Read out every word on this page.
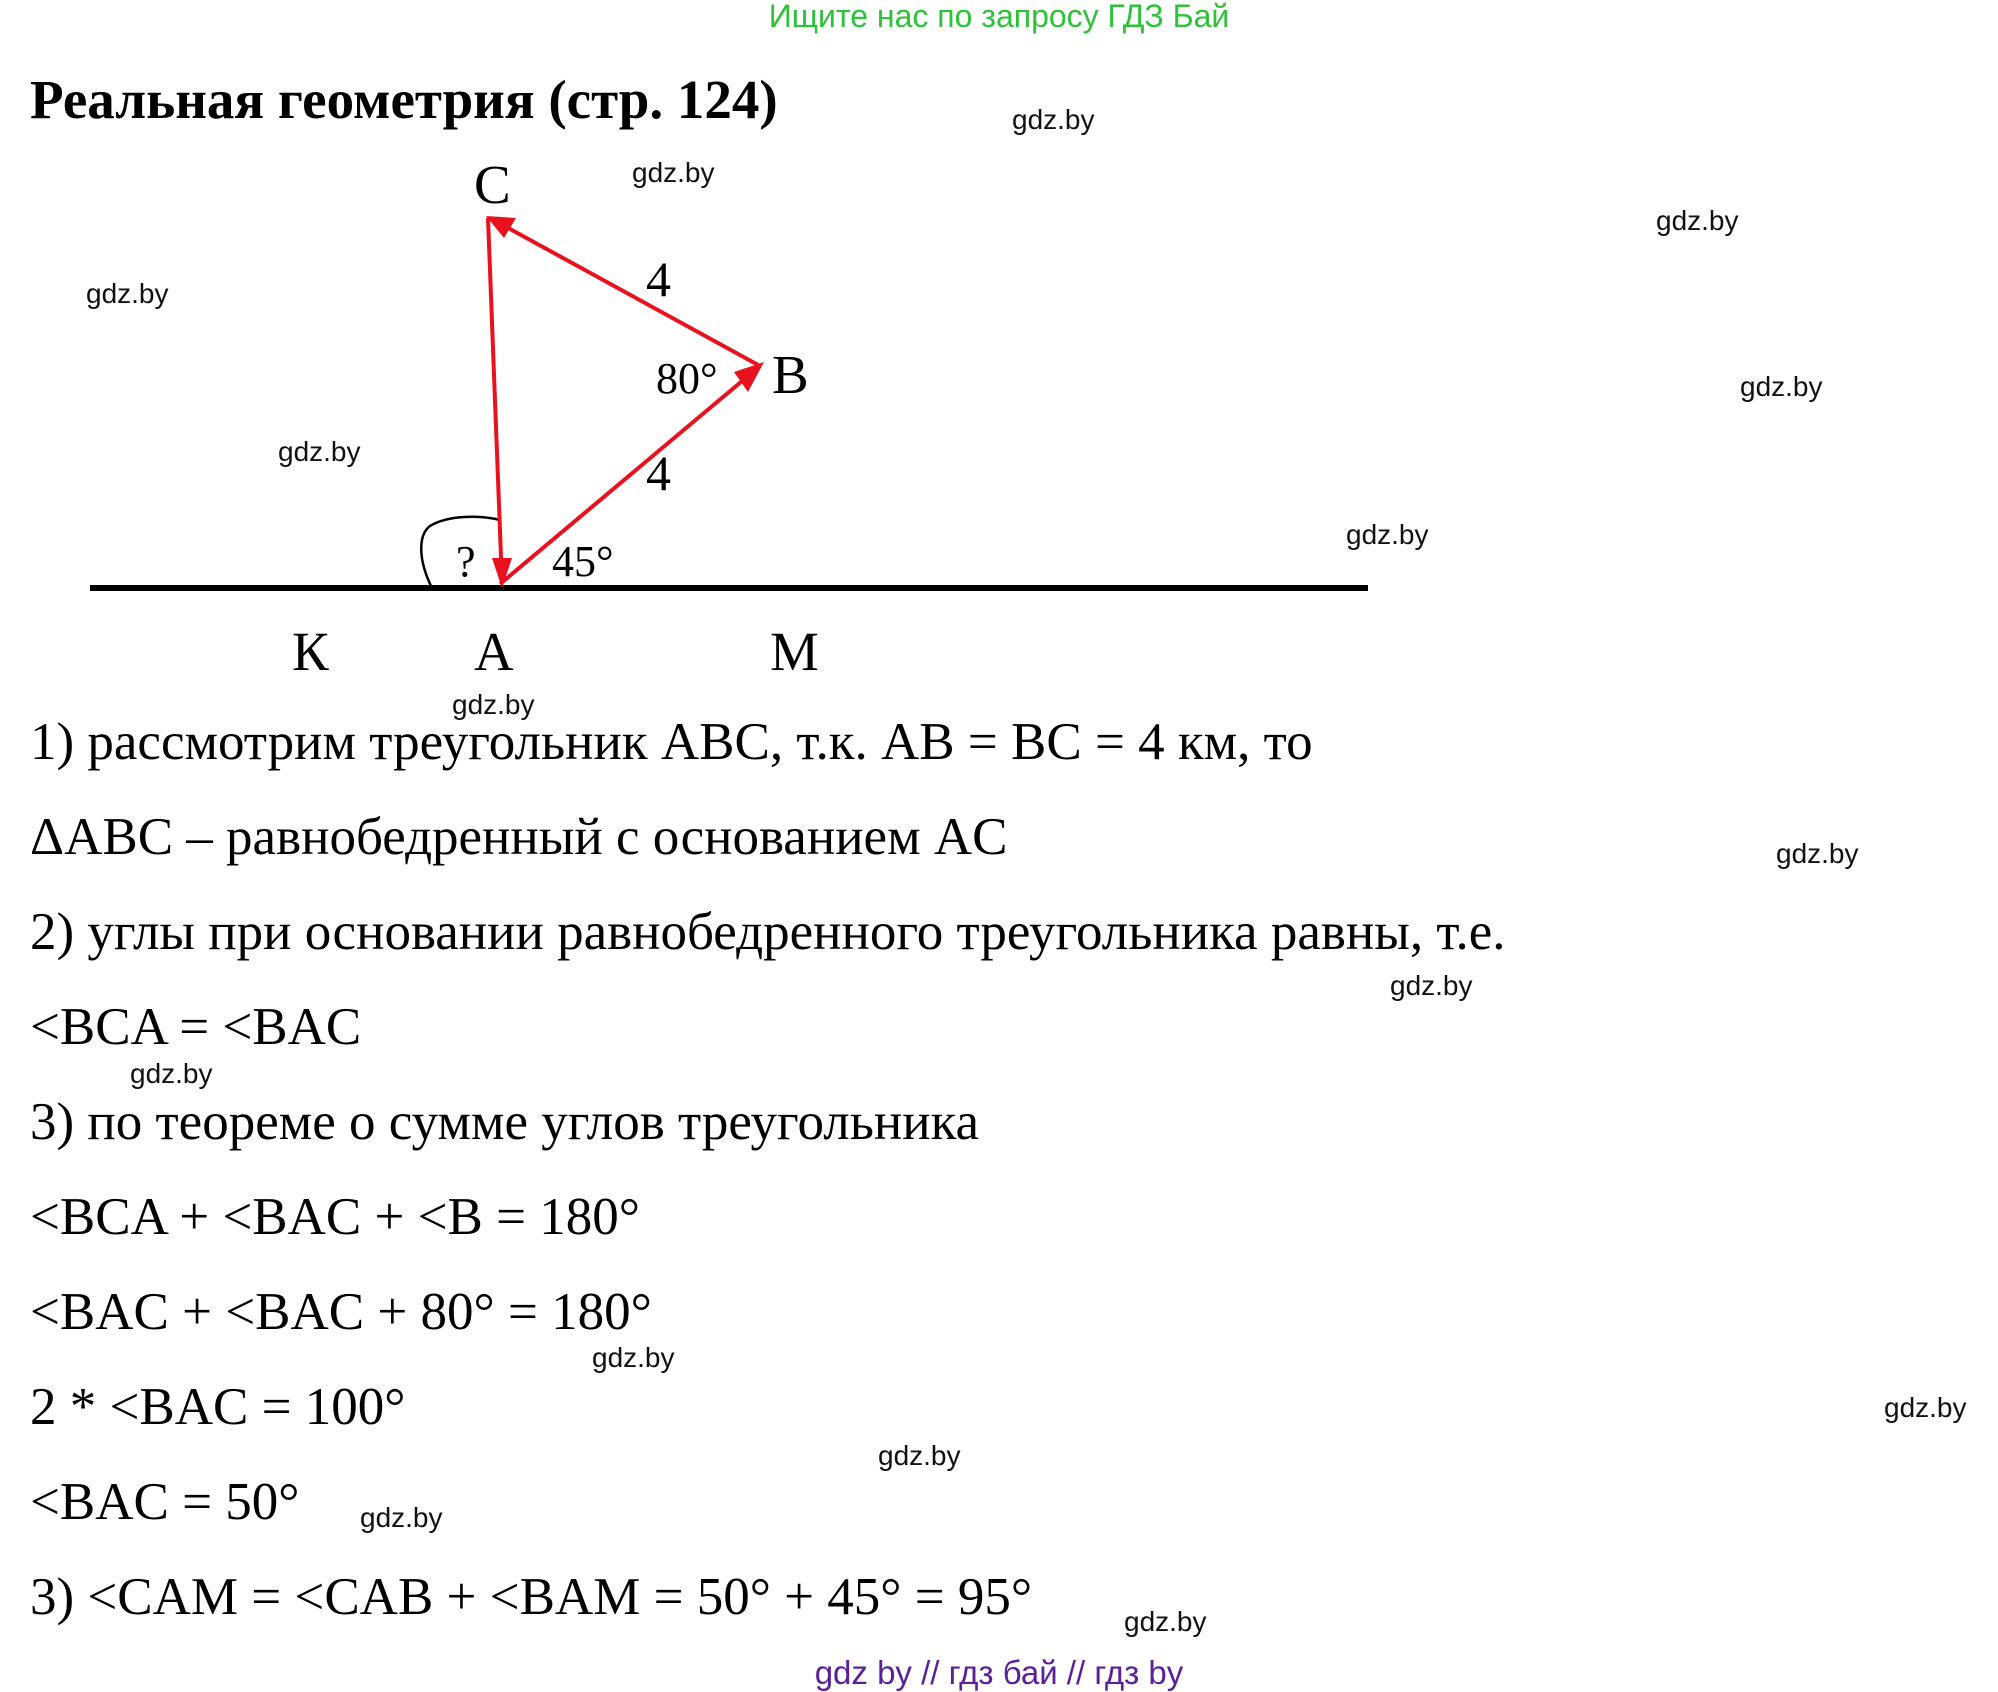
Ищите нас по запросу ГДЗ Бай
Реальная геометрия (стр. 124)
C
B
4
4
80°
? 45°
К	A	M
1) рассмотрим треугольник ABC, т.к. AB = BC = 4 км, то
ΔABC – равнобедренный с основанием AC
2) углы при основании равнобедренного треугольника равны, т.е.
<BCA = <BAC
3) по теореме о сумме углов треугольника
<BCA + <BAC + <B = 180°
<BAC + <BAC + 80° = 180°
2 * <BAC = 100°
<BAC = 50°
3) <CAM = <CAB + <BAM = 50° + 45° = 95°
gdz.by
gdz.by
gdz.by
gdz.by
gdz.by
gdz.by
gdz.by
gdz.by
gdz.by
gdz.by
gdz.by
gdz.by
gdz.by
gdz.by
gdz.by
gdz.by
gdz by // гдз бай // гдз by
